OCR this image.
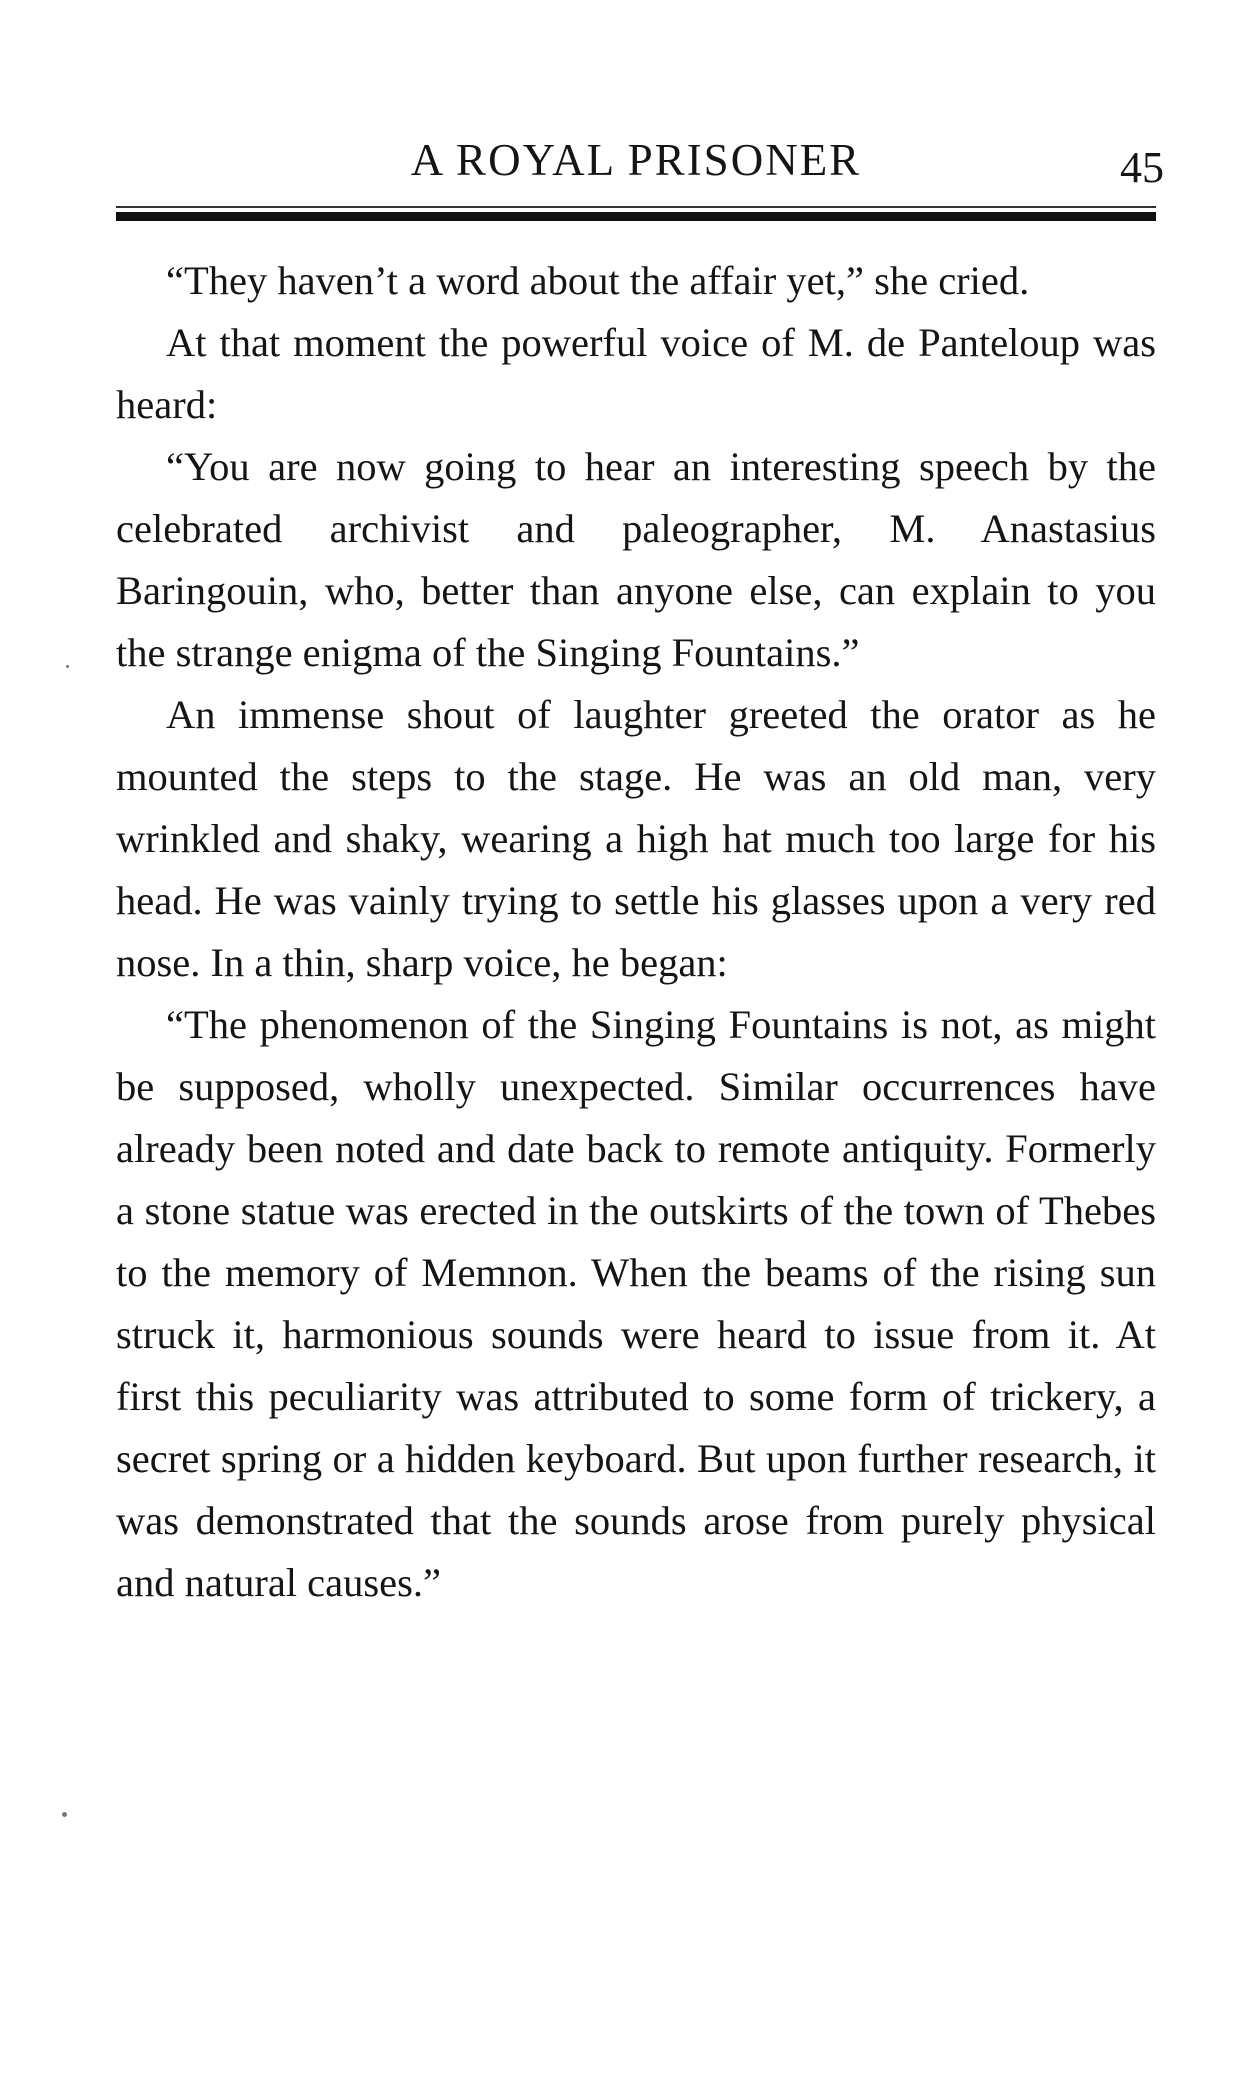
A ROYAL PRISONER	45

“They haven’t a word about the affair yet,” she cried.

At that moment the powerful voice of M. de Panteloup was heard:

“You are now going to hear an interesting speech by the celebrated archivist and paleographer, M. Anastasius Baringouin, who, better than anyone else, can explain to you the strange enigma of the Singing Fountains.”

An immense shout of laughter greeted the orator as he mounted the steps to the stage. He was an old man, very wrinkled and shaky, wearing a high hat much too large for his head. He was vainly trying to settle his glasses upon a very red nose. In a thin, sharp voice, he began:

“The phenomenon of the Singing Fountains is not, as might be supposed, wholly unexpected. Similar occurrences have already been noted and date back to remote antiquity. Formerly a stone statue was erected in the outskirts of the town of Thebes to the memory of Memnon. When the beams of the rising sun struck it, harmonious sounds were heard to issue from it. At first this peculiarity was attributed to some form of trickery, a secret spring or a hidden keyboard. But upon further research, it was demonstrated that the sounds arose from purely physical and natural causes.”
